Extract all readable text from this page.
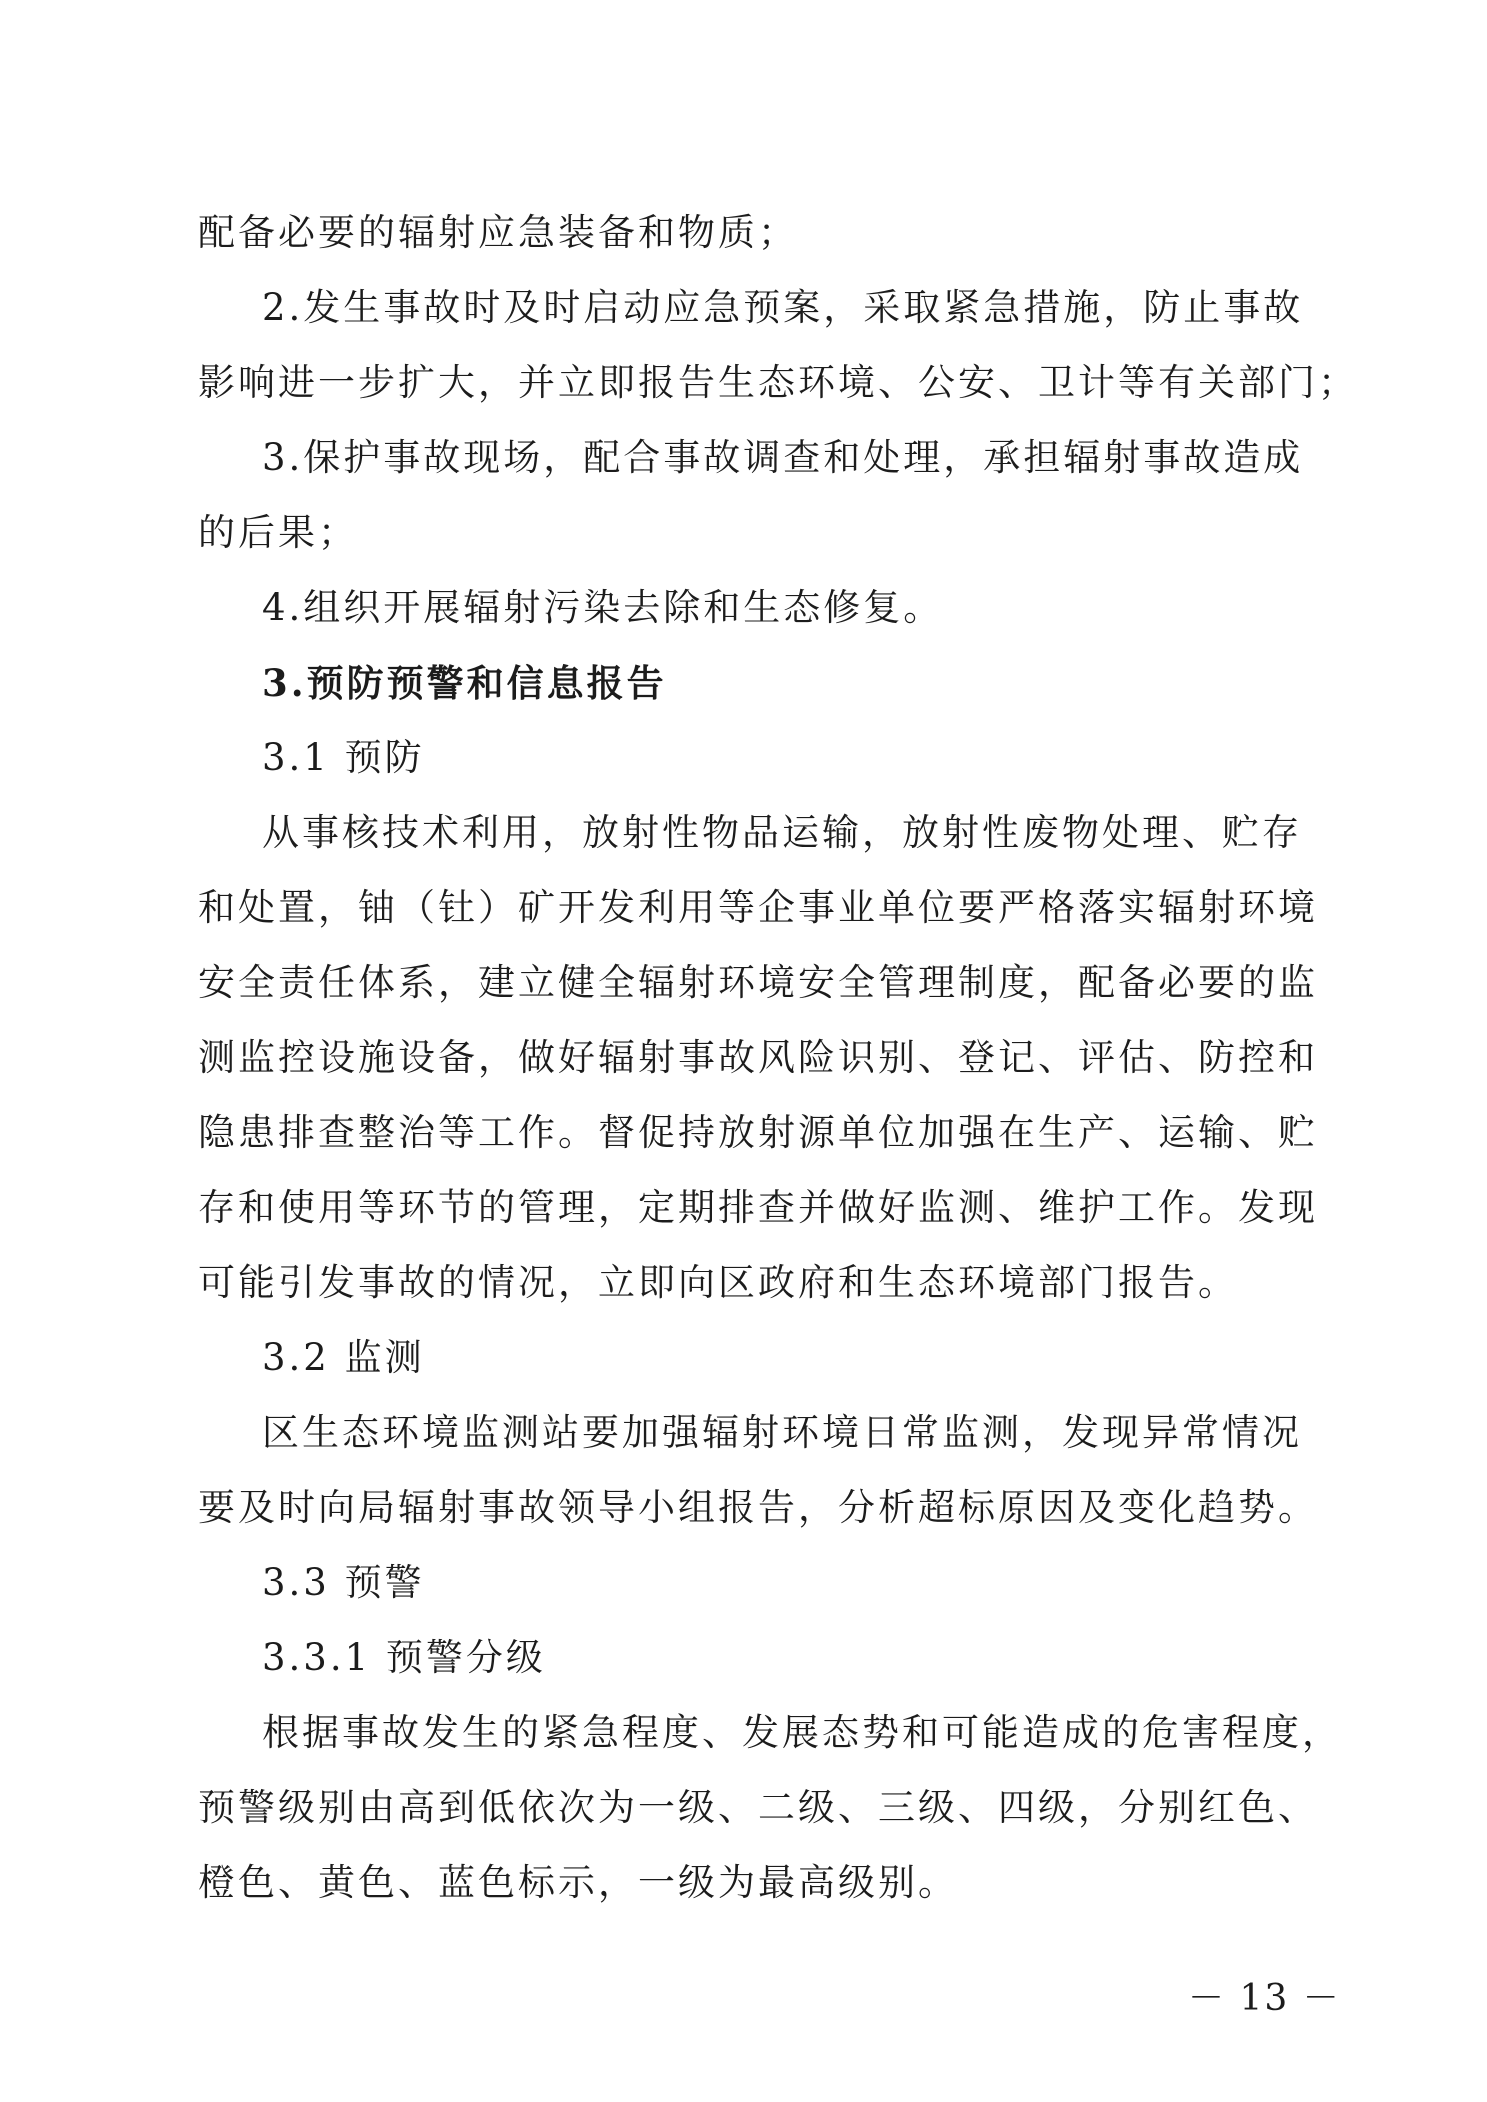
配备必要的辐射应急装备和物质；

2.发生事故时及时启动应急预案，采取紧急措施，防止事故

影响进一步扩大，并立即报告生态环境、公安、卫计等有关部门；

3.保护事故现场，配合事故调查和处理，承担辐射事故造成

的后果；

4.组织开展辐射污染去除和生态修复。

3.预防预警和信息报告

3.1 预防

从事核技术利用，放射性物品运输，放射性废物处理、贮存

和处置，铀（钍）矿开发利用等企事业单位要严格落实辐射环境

安全责任体系，建立健全辐射环境安全管理制度，配备必要的监

测监控设施设备，做好辐射事故风险识别、登记、评估、防控和

隐患排查整治等工作。督促持放射源单位加强在生产、运输、贮

存和使用等环节的管理，定期排查并做好监测、维护工作。发现

可能引发事故的情况，立即向区政府和生态环境部门报告。

3.2 监测

区生态环境监测站要加强辐射环境日常监测，发现异常情况

要及时向局辐射事故领导小组报告，分析超标原因及变化趋势。

3.3 预警

3.3.1 预警分级

根据事故发生的紧急程度、发展态势和可能造成的危害程度，

预警级别由高到低依次为一级、二级、三级、四级，分别红色、

橙色、黄色、蓝色标示，一级为最高级别。

－ 13 －
